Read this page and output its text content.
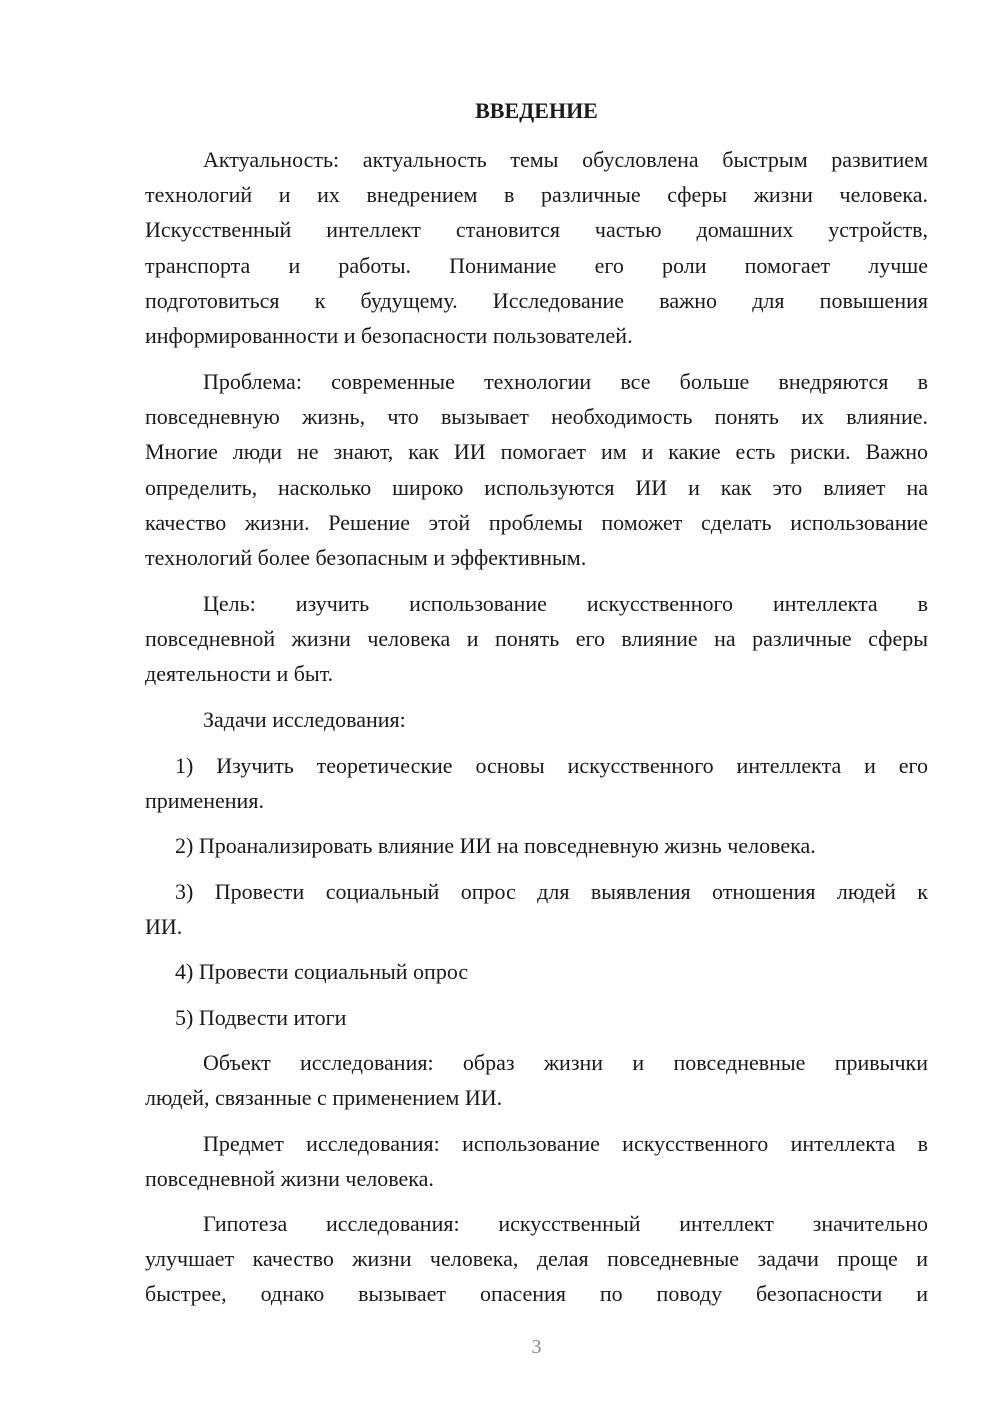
ВВЕДЕНИЕ

Актуальность: актуальность темы обусловлена быстрым развитием
технологий и их внедрением в различные сферы жизни человека.
Искусственный интеллект становится частью домашних устройств,
транспорта и работы. Понимание его роли помогает лучше
подготовиться к будущему. Исследование важно для повышения
информированности и безопасности пользователей.

Проблема: современные технологии все больше внедряются в
повседневную жизнь, что вызывает необходимость понять их влияние.
Многие люди не знают, как ИИ помогает им и какие есть риски. Важно
определить, насколько широко используются ИИ и как это влияет на
качество жизни. Решение этой проблемы поможет сделать использование
технологий более безопасным и эффективным.

Цель: изучить использование искусственного интеллекта в
повседневной жизни человека и понять его влияние на различные сферы
деятельности и быт.

Задачи исследования:

1) Изучить теоретические основы искусственного интеллекта и его
применения.

2) Проанализировать влияние ИИ на повседневную жизнь человека.

3) Провести социальный опрос для выявления отношения людей к
ИИ.

4) Провести социальный опрос

5) Подвести итоги

Объект исследования: образ жизни и повседневные привычки
людей, связанные с применением ИИ.

Предмет исследования: использование искусственного интеллекта в
повседневной жизни человека.

Гипотеза исследования: искусственный интеллект значительно
улучшает качество жизни человека, делая повседневные задачи проще и
быстрее, однако вызывает опасения по поводу безопасности и

3
